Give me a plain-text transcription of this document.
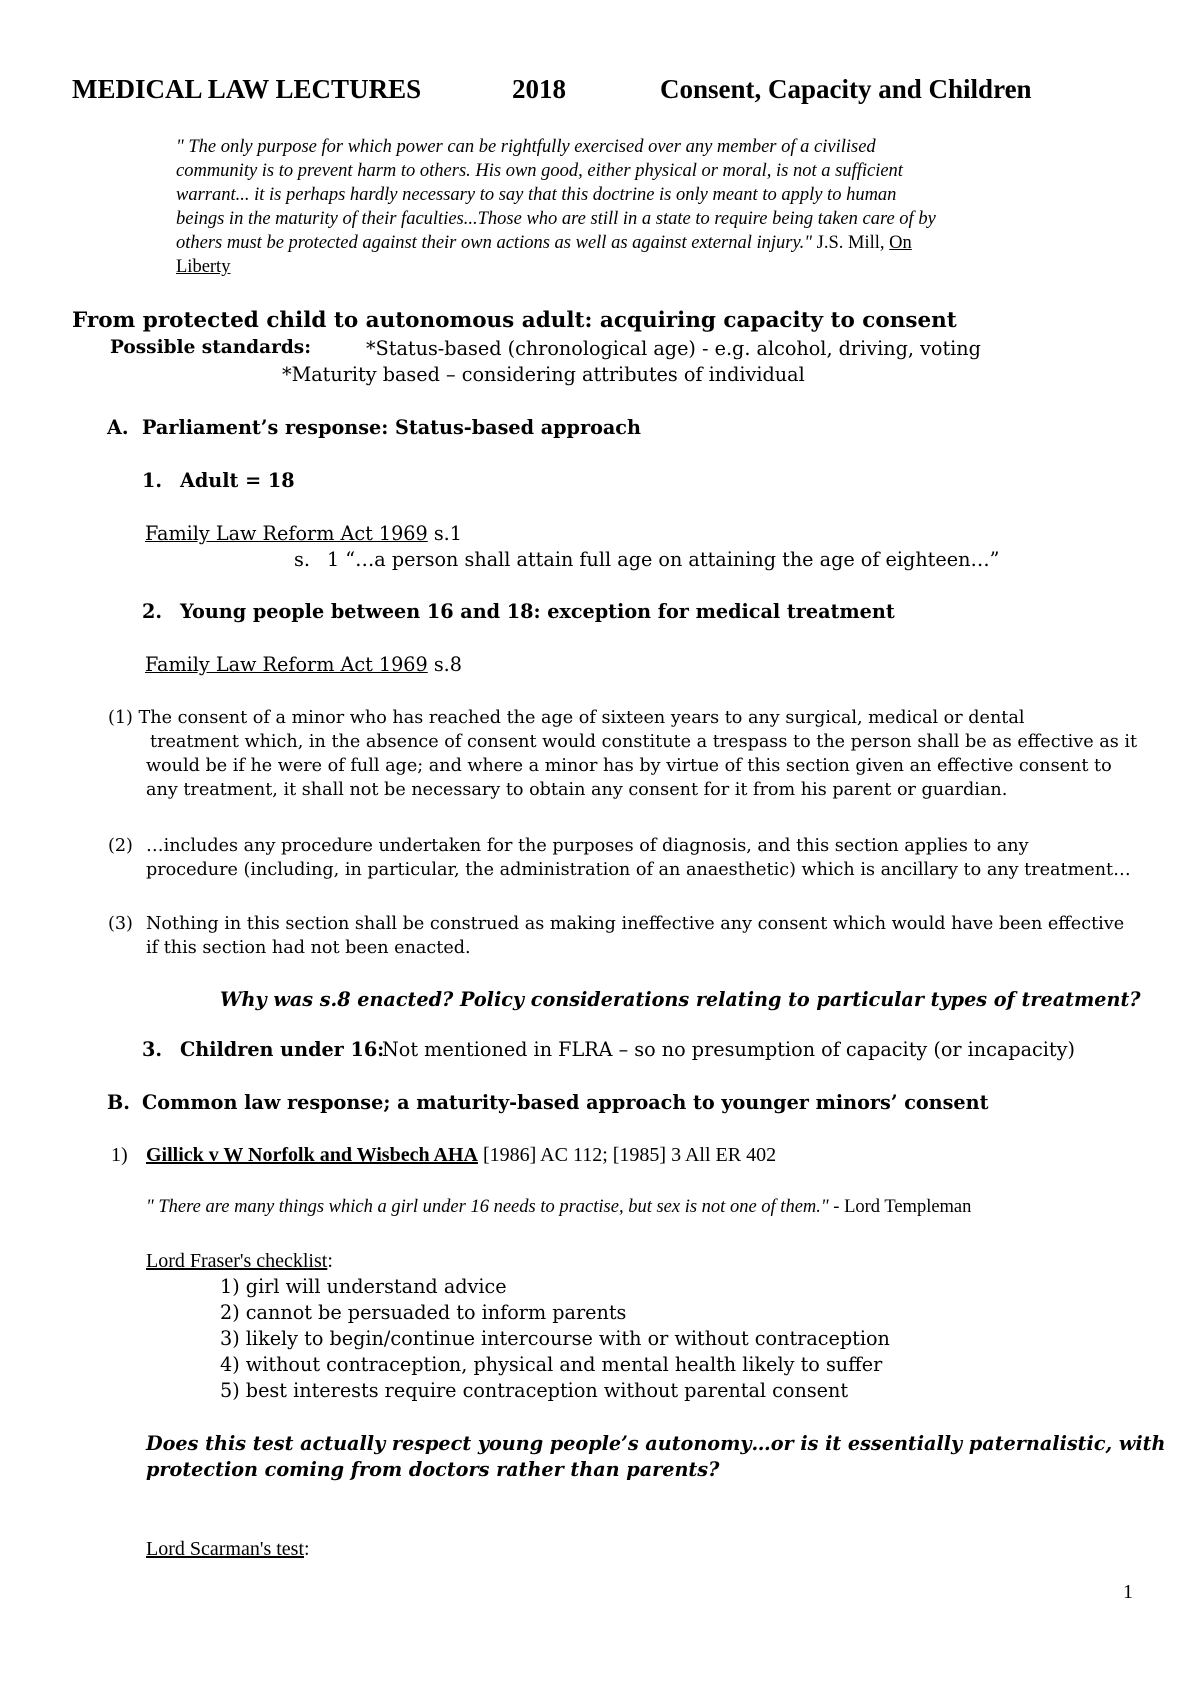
MEDICAL LAW LECTURES	2018	Consent, Capacity and Children
" The only purpose for which power can be rightfully exercised over any member of a civilised
community is to prevent harm to others. His own good, either physical or moral, is not a sufficient
warrant... it is perhaps hardly necessary to say that this doctrine is only meant to apply to human
beings in the maturity of their faculties...Those who are still in a state to require being taken care of by
others must be protected against their own actions as well as against external injury." J.S. Mill, On
Liberty
From protected child to autonomous adult: acquiring capacity to consent
Possible standards:	*Status-based (chronological age) - e.g. alcohol, driving, voting
*Maturity based – considering attributes of individual
A. Parliament’s response: Status-based approach
1. Adult = 18
Family Law Reform Act 1969 s.1
s. 1 “…a person shall attain full age on attaining the age of eighteen…”
2. Young people between 16 and 18: exception for medical treatment
Family Law Reform Act 1969 s.8
(1) The consent of a minor who has reached the age of sixteen years to any surgical, medical or dental
treatment which, in the absence of consent would constitute a trespass to the person shall be as effective as it
would be if he were of full age; and where a minor has by virtue of this section given an effective consent to
any treatment, it shall not be necessary to obtain any consent for it from his parent or guardian.
(2) …includes any procedure undertaken for the purposes of diagnosis, and this section applies to any
procedure (including, in particular, the administration of an anaesthetic) which is ancillary to any treatment…
(3) Nothing in this section shall be construed as making ineffective any consent which would have been effective
if this section had not been enacted.
Why was s.8 enacted? Policy considerations relating to particular types of treatment?
3. Children under 16:
Not mentioned in FLRA – so no presumption of capacity (or incapacity)
B. Common law response; a maturity-based approach to younger minors’ consent
1) Gillick v W Norfolk and Wisbech AHA [1986] AC 112; [1985] 3 All ER 402
" There are many things which a girl under 16 needs to practise, but sex is not one of them." - Lord Templeman
Lord Fraser's checklist:
1) girl will understand advice
2) cannot be persuaded to inform parents
3) likely to begin/continue intercourse with or without contraception
4) without contraception, physical and mental health likely to suffer
5) best interests require contraception without parental consent
Does this test actually respect young people’s autonomy…or is it essentially paternalistic, with
protection coming from doctors rather than parents?
Lord Scarman's test:
1
